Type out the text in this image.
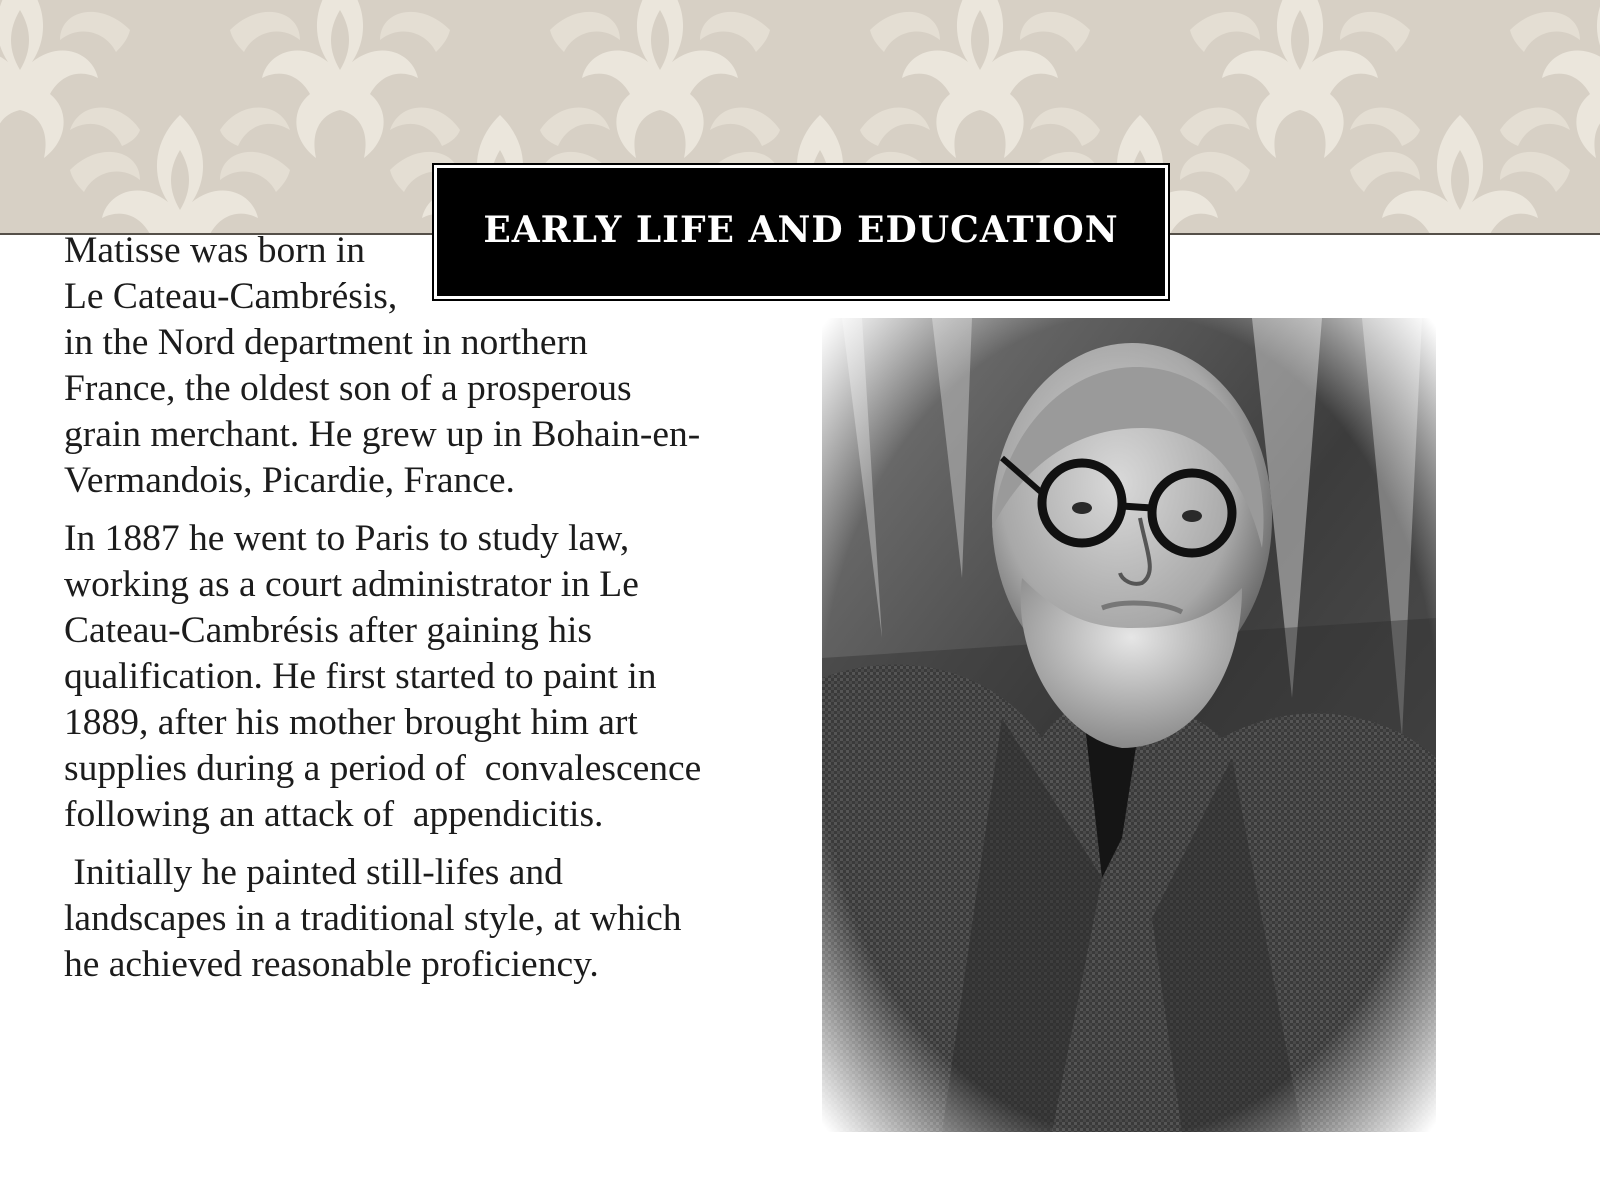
EARLY LIFE AND EDUCATION
Matisse was born in
Le Cateau-Cambrésis,
in the Nord department in northern
France, the oldest son of a prosperous
grain merchant. He grew up in Bohain-en-
Vermandois, Picardie, France.
In 1887 he went to Paris to study law,
working as a court administrator in Le
Cateau-Cambrésis after gaining his
qualification. He first started to paint in
1889, after his mother brought him art
supplies during a period of  convalescence
following an attack of  appendicitis.
Initially he painted still-lifes and
landscapes in a traditional style, at which
he achieved reasonable proficiency.
